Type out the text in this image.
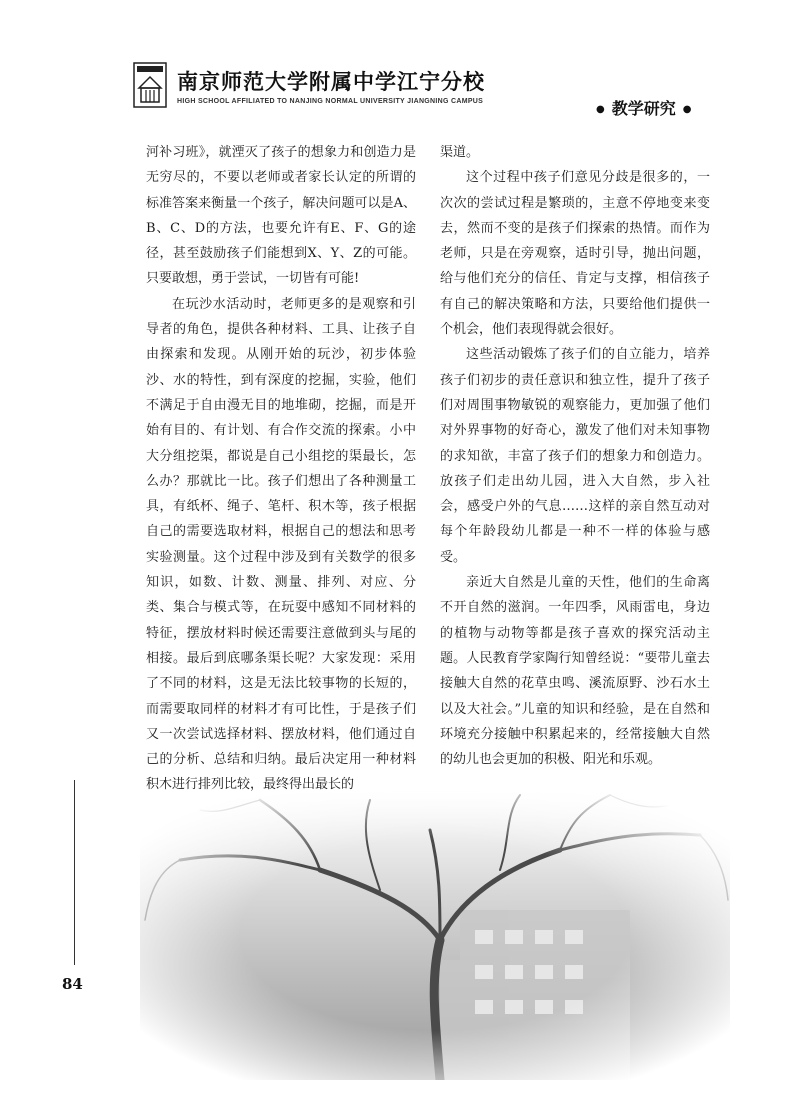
南京师范大学附属中学江宁分校
HIGH SCHOOL AFFILIATED TO NANJING NORMAL UNIVERSITY JIANGNING CAMPUS
● 教学研究 ●

河补习班》，就湮灭了孩子的想象力和创造力是无穷尽的，不要以老师或者家长认定的所谓的标准答案来衡量一个孩子，解决问题可以是A、B、C、D的方法，也要允许有E、F、G的途径，甚至鼓励孩子们能想到X、Y、Z的可能。只要敢想，勇于尝试，一切皆有可能!

在玩沙水活动时，老师更多的是观察和引导者的角色，提供各种材料、工具、让孩子自由探索和发现。从刚开始的玩沙，初步体验沙、水的特性，到有深度的挖掘，实验，他们不满足于自由漫无目的地堆砌，挖掘，而是开始有目的、有计划、有合作交流的探索。小中大分组挖渠，都说是自己小组挖的渠最长，怎么办？那就比一比。孩子们想出了各种测量工具，有纸杯、绳子、笔杆、积木等，孩子根据自己的需要选取材料，根据自己的想法和思考实验测量。这个过程中涉及到有关数学的很多知识，如数、计数、测量、排列、对应、分类、集合与模式等，在玩耍中感知不同材料的特征，摆放材料时候还需要注意做到头与尾的相接。最后到底哪条渠长呢？大家发现：采用了不同的材料，这是无法比较事物的长短的，而需要取同样的材料才有可比性，于是孩子们又一次尝试选择材料、摆放材料，他们通过自己的分析、总结和归纳。最后决定用一种材料积木进行排列比较，最终得出最长的

渠道。

这个过程中孩子们意见分歧是很多的，一次次的尝试过程是繁琐的，主意不停地变来变去，然而不变的是孩子们探索的热情。而作为老师，只是在旁观察，适时引导，抛出问题，给与他们充分的信任、肯定与支撑，相信孩子有自己的解决策略和方法，只要给他们提供一个机会，他们表现得就会很好。

这些活动锻炼了孩子们的自立能力，培养孩子们初步的责任意识和独立性，提升了孩子们对周围事物敏锐的观察能力，更加强了他们对外界事物的好奇心，激发了他们对未知事物的求知欲，丰富了孩子们的想象力和创造力。放孩子们走出幼儿园，进入大自然，步入社会，感受户外的气息……这样的亲自然互动对每个年龄段幼儿都是一种不一样的体验与感受。

亲近大自然是儿童的天性，他们的生命离不开自然的滋润。一年四季，风雨雷电，身边的植物与动物等都是孩子喜欢的探究活动主题。人民教育学家陶行知曾经说：“要带儿童去接触大自然的花草虫鸣、溪流原野、沙石水土以及大社会。”儿童的知识和经验，是在自然和环境充分接触中积累起来的，经常接触大自然的幼儿也会更加的积极、阳光和乐观。

84
